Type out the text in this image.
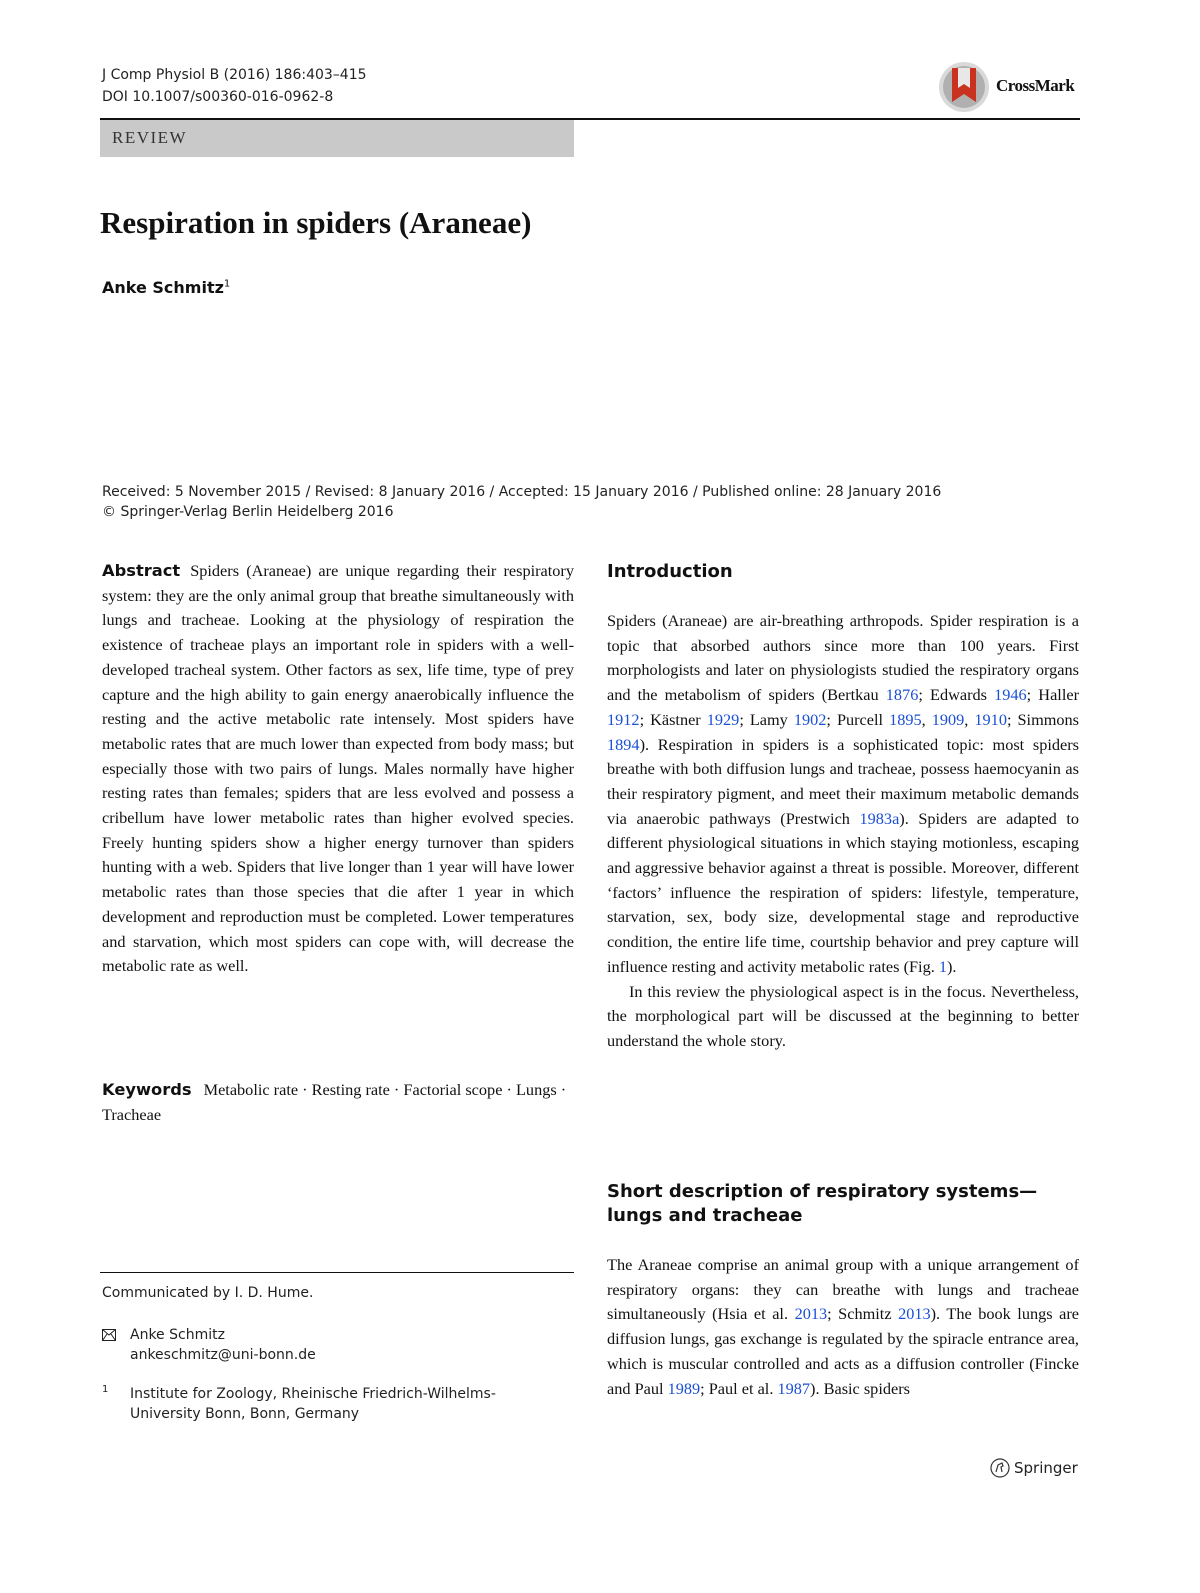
J Comp Physiol B (2016) 186:403–415
DOI 10.1007/s00360-016-0962-8
CrossMark
REVIEW
Respiration in spiders (Araneae)
Anke Schmitz$^1$
Received: 5 November 2015 / Revised: 8 January 2016 / Accepted: 15 January 2016 / Published online: 28 January 2016
© Springer-Verlag Berlin Heidelberg 2016

Abstract Spiders (Araneae) are unique regarding their respiratory system: they are the only animal group that breathe simultaneously with lungs and tracheae. Looking at the physiology of respiration the existence of tracheae plays an important role in spiders with a well-developed tracheal system. Other factors as sex, life time, type of prey capture and the high ability to gain energy anaerobically influence the resting and the active metabolic rate intensely. Most spiders have metabolic rates that are much lower than expected from body mass; but especially those with two pairs of lungs. Males normally have higher resting rates than females; spiders that are less evolved and possess a cribellum have lower metabolic rates than higher evolved species. Freely hunting spiders show a higher energy turnover than spiders hunting with a web. Spiders that live longer than 1 year will have lower metabolic rates than those species that die after 1 year in which development and reproduction must be completed. Lower temperatures and starvation, which most spiders can cope with, will decrease the metabolic rate as well.

Keywords Metabolic rate · Resting rate · Factorial scope · Lungs · Tracheae
Communicated by I. D. Hume.
Anke Schmitz
ankeschmitz@uni-bonn.de
1 Institute for Zoology, Rheinische Friedrich-Wilhelms-
University Bonn, Bonn, Germany
Introduction

Spiders (Araneae) are air-breathing arthropods. Spider respiration is a topic that absorbed authors since more than 100 years. First morphologists and later on physiologists studied the respiratory organs and the metabolism of spiders (Bertkau 1876; Edwards 1946; Haller 1912; Kästner 1929; Lamy 1902; Purcell 1895, 1909, 1910; Simmons 1894). Respiration in spiders is a sophisticated topic: most spiders breathe with both diffusion lungs and tracheae, possess haemocyanin as their respiratory pigment, and meet their maximum metabolic demands via anaerobic pathways (Prestwich 1983a). Spiders are adapted to different physiological situations in which staying motionless, escaping and aggressive behavior against a threat is possible. Moreover, different ‘factors’ influence the respiration of spiders: lifestyle, temperature, starvation, sex, body size, developmental stage and reproductive condition, the entire life time, courtship behavior and prey capture will influence resting and activity metabolic rates (Fig. 1).

In this review the physiological aspect is in the focus. Nevertheless, the morphological part will be discussed at the beginning to better understand the whole story.

Short description of respiratory systems—lungs and tracheae

The Araneae comprise an animal group with a unique arrangement of respiratory organs: they can breathe with lungs and tracheae simultaneously (Hsia et al. 2013; Schmitz 2013). The book lungs are diffusion lungs, gas exchange is regulated by the spiracle entrance area, which is muscular controlled and acts as a diffusion controller (Fincke and Paul 1989; Paul et al. 1987). Basic spiders

Springer
